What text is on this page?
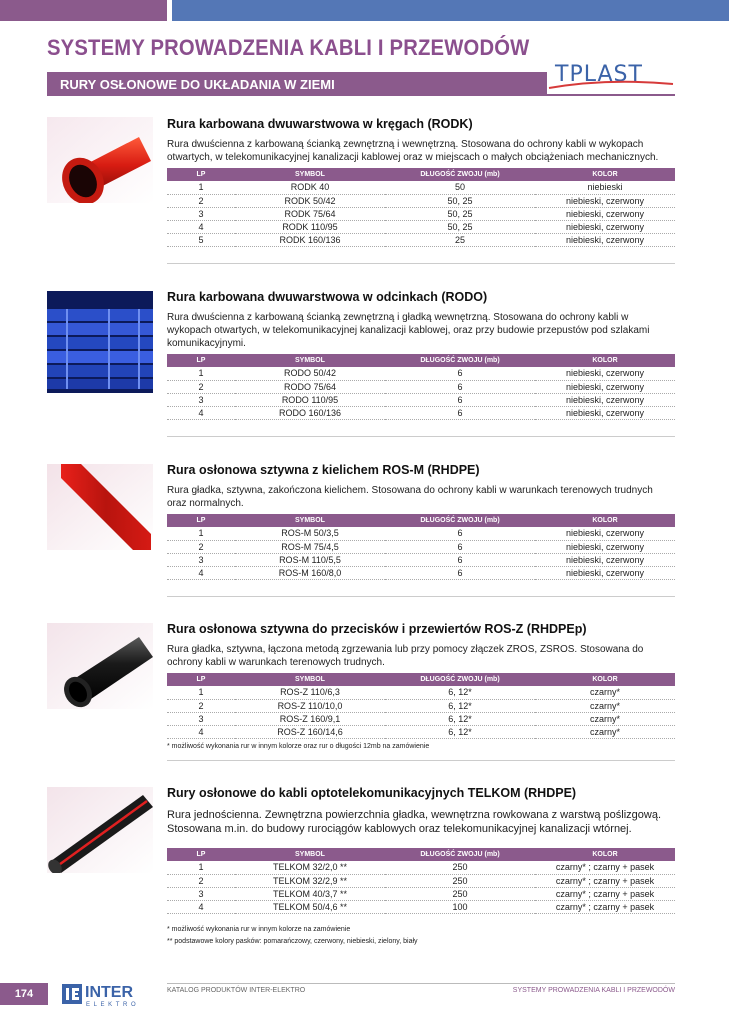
SYSTEMY PROWADZENIA KABLI I PRZEWODÓW
RURY OSŁONOWE DO UKŁADANIA W ZIEMI	TPLAST
Rura karbowana dwuwarstwowa w kręgach (RODK)
Rura dwuścienna z karbowaną ścianką zewnętrzną i wewnętrzną. Stosowana do ochrony kabli w wykopach otwartych, w telekomunikacyjnej kanalizacji kablowej oraz w miejscach o małych obciążeniach mechanicznych.
LP	SYMBOL	DŁUGOŚĆ ZWOJU (mb)	KOLOR
1	RODK 40	50	niebieski
2	RODK 50/42	50, 25	niebieski, czerwony
3	RODK 75/64	50, 25	niebieski, czerwony
4	RODK 110/95	50, 25	niebieski, czerwony
5	RODK 160/136	25	niebieski, czerwony
Rura karbowana dwuwarstwowa w odcinkach (RODO)
Rura dwuścienna z karbowaną ścianką zewnętrzną i gładką wewnętrzną. Stosowana do ochrony kabli w wykopach otwartych, w telekomunikacyjnej kanalizacji kablowej, oraz przy budowie przepustów pod szlakami komunikacyjnymi.
LP	SYMBOL	DŁUGOŚĆ ZWOJU (mb)	KOLOR
1	RODO 50/42	6	niebieski, czerwony
2	RODO 75/64	6	niebieski, czerwony
3	RODO 110/95	6	niebieski, czerwony
4	RODO 160/136	6	niebieski, czerwony
Rura osłonowa sztywna z kielichem ROS-M (RHDPE)
Rura gładka, sztywna, zakończona kielichem. Stosowana do ochrony kabli w warunkach terenowych trudnych oraz normalnych.
LP	SYMBOL	DŁUGOŚĆ ZWOJU (mb)	KOLOR
1	ROS-M 50/3,5	6	niebieski, czerwony
2	ROS-M 75/4,5	6	niebieski, czerwony
3	ROS-M 110/5,5	6	niebieski, czerwony
4	ROS-M 160/8,0	6	niebieski, czerwony
Rura osłonowa sztywna do przecisków i przewiertów ROS-Z (RHDPEp)
Rura gładka, sztywna, łączona metodą zgrzewania lub przy pomocy złączek ZROS, ZSROS. Stosowana do ochrony kabli w warunkach terenowych trudnych.
LP	SYMBOL	DŁUGOŚĆ ZWOJU (mb)	KOLOR
1	ROS-Z 110/6,3	6, 12*	czarny*
2	ROS-Z 110/10,0	6, 12*	czarny*
3	ROS-Z 160/9,1	6, 12*	czarny*
4	ROS-Z 160/14,6	6, 12*	czarny*
* możliwość wykonania rur w innym kolorze oraz rur o długości 12mb na zamówienie
Rury osłonowe do kabli optotelekomunikacyjnych TELKOM (RHDPE)
Rura jednościenna. Zewnętrzna powierzchnia gładka, wewnętrzna rowkowana z warstwą poślizgową. Stosowana m.in. do budowy rurociągów kablowych oraz telekomunikacyjnej kanalizacji wtórnej.
LP	SYMBOL	DŁUGOŚĆ ZWOJU (mb)	KOLOR
1	TELKOM 32/2,0 **	250	czarny* ; czarny + pasek
2	TELKOM 32/2,9 **	250	czarny* ; czarny + pasek
3	TELKOM 40/3,7 **	250	czarny* ; czarny + pasek
4	TELKOM 50/4,6 **	100	czarny* ; czarny + pasek
* możliwość wykonania rur w innym kolorze na zamówienie
** podstawowe kolory pasków: pomarańczowy, czerwony, niebieski, zielony, biały
174	INTER
ELEKTRO
KATALOG PRODUKTÓW INTER-ELEKTRO	SYSTEMY PROWADZENIA KABLI I PRZEWODÓW
